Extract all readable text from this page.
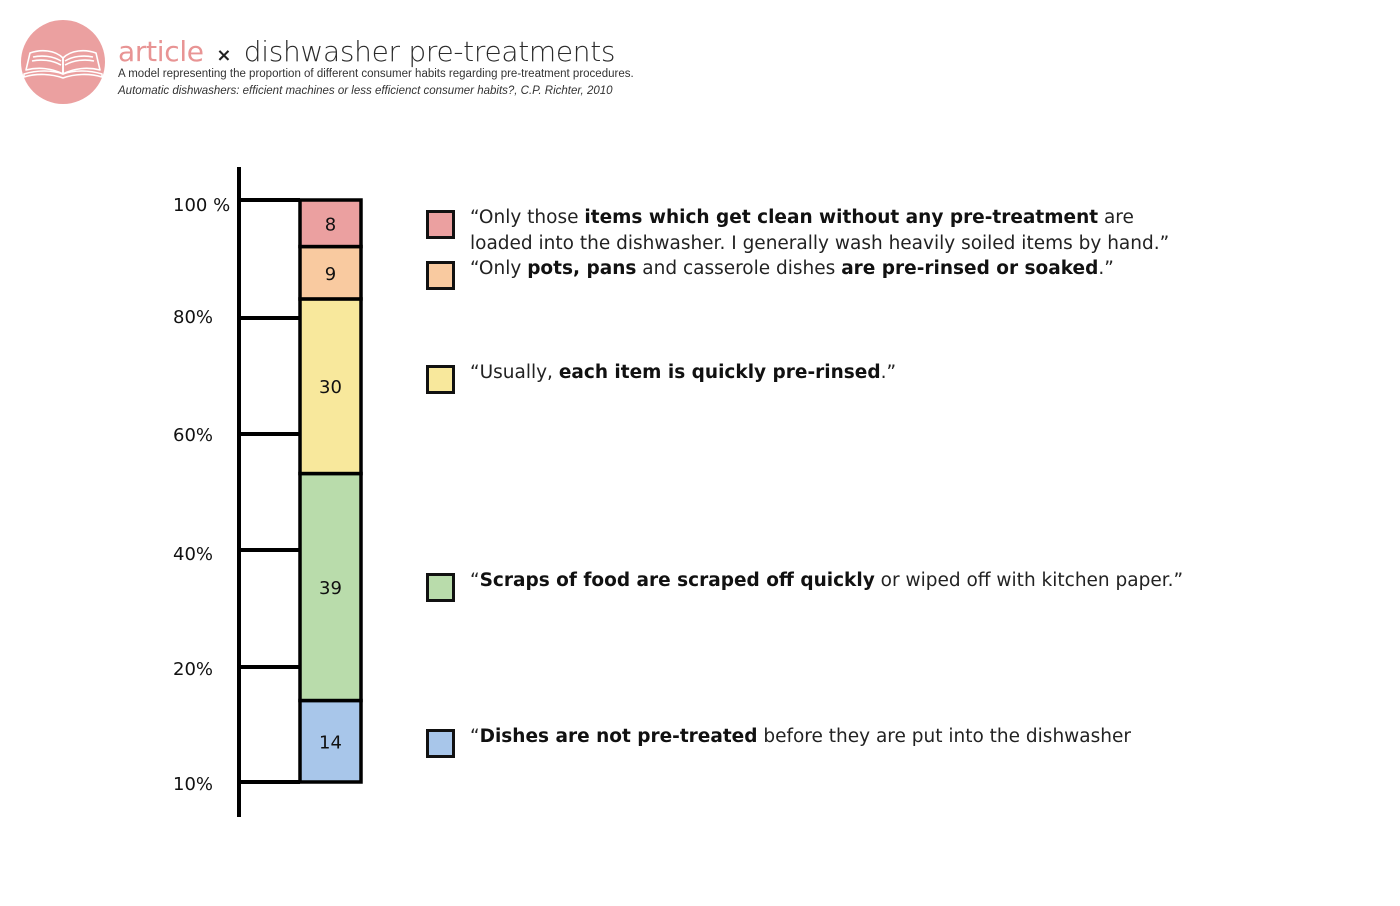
article × dishwasher pre-treatments
A model representing the proportion of different consumer habits regarding pre-treatment procedures.
Automatic dishwashers: efficient machines or less efficienct consumer habits?, C.P. Richter, 2010
100 %
80%
60%
40%
20%
10%
14
39
30
9
8	“Only those items which get clean without any pre-treatment are loaded into the dishwasher. I generally wash heavily soiled items by hand.”
“Only pots, pans and casserole dishes are pre-rinsed or soaked.”
“Usually, each item is quickly pre-rinsed.”
“Scraps of food are scraped off quickly or wiped off with kitchen paper.”
“Dishes are not pre-treated before they are put into the dishwasher
